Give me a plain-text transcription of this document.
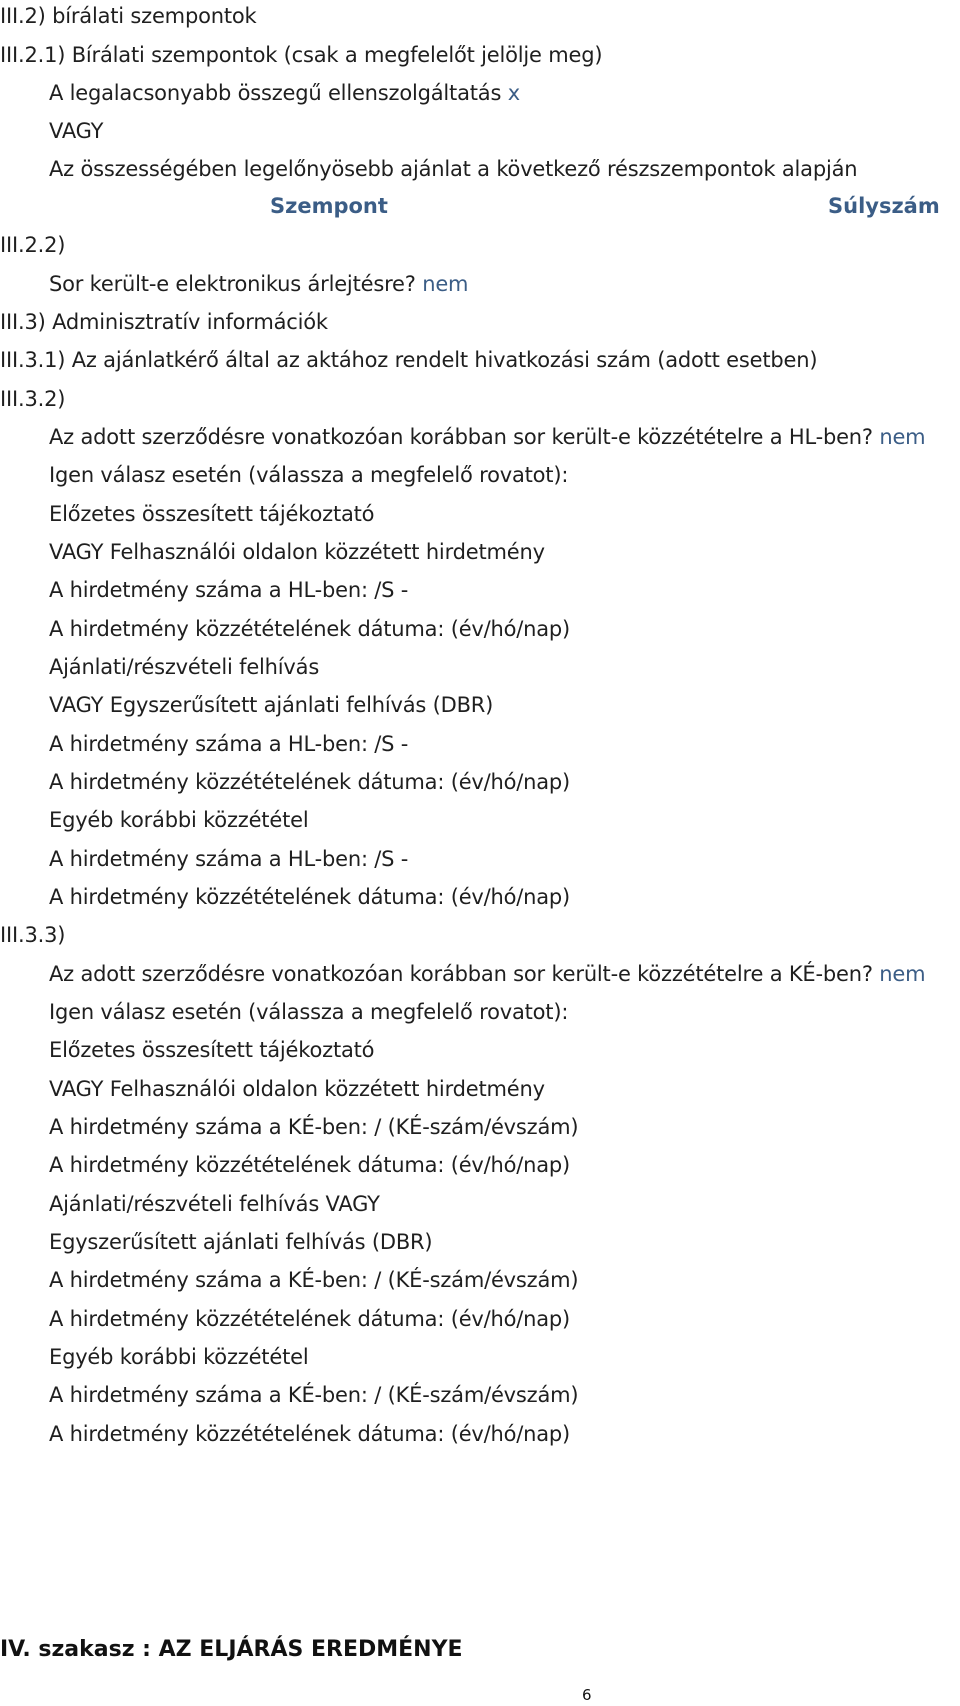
III.2) bírálati szempontok
III.2.1) Bírálati szempontok (csak a megfelelőt jelölje meg)
A legalacsonyabb összegű ellenszolgáltatás x
VAGY
Az összességében legelőnyösebb ajánlat a következő részszempontok alapján
Szempont	Súlyszám
III.2.2)
Sor került-e elektronikus árlejtésre? nem
III.3) Adminisztratív információk
III.3.1) Az ajánlatkérő által az aktához rendelt hivatkozási szám (adott esetben)
III.3.2)
Az adott szerződésre vonatkozóan korábban sor került-e közzétételre a HL-ben? nem
Igen válasz esetén (válassza a megfelelő rovatot):
Előzetes összesített tájékoztató
VAGY Felhasználói oldalon közzétett hirdetmény
A hirdetmény száma a HL-ben: /S -
A hirdetmény közzétételének dátuma: (év/hó/nap)
Ajánlati/részvételi felhívás
VAGY Egyszerűsített ajánlati felhívás (DBR)
A hirdetmény száma a HL-ben: /S -
A hirdetmény közzétételének dátuma: (év/hó/nap)
Egyéb korábbi közzététel
A hirdetmény száma a HL-ben: /S -
A hirdetmény közzétételének dátuma: (év/hó/nap)
III.3.3)
Az adott szerződésre vonatkozóan korábban sor került-e közzétételre a KÉ-ben? nem
Igen válasz esetén (válassza a megfelelő rovatot):
Előzetes összesített tájékoztató
VAGY Felhasználói oldalon közzétett hirdetmény
A hirdetmény száma a KÉ-ben: / (KÉ-szám/évszám)
A hirdetmény közzétételének dátuma: (év/hó/nap)
Ajánlati/részvételi felhívás VAGY
Egyszerűsített ajánlati felhívás (DBR)
A hirdetmény száma a KÉ-ben: / (KÉ-szám/évszám)
A hirdetmény közzétételének dátuma: (év/hó/nap)
Egyéb korábbi közzététel
A hirdetmény száma a KÉ-ben: / (KÉ-szám/évszám)
A hirdetmény közzétételének dátuma: (év/hó/nap)
IV. szakasz : AZ ELJÁRÁS EREDMÉNYE
6
